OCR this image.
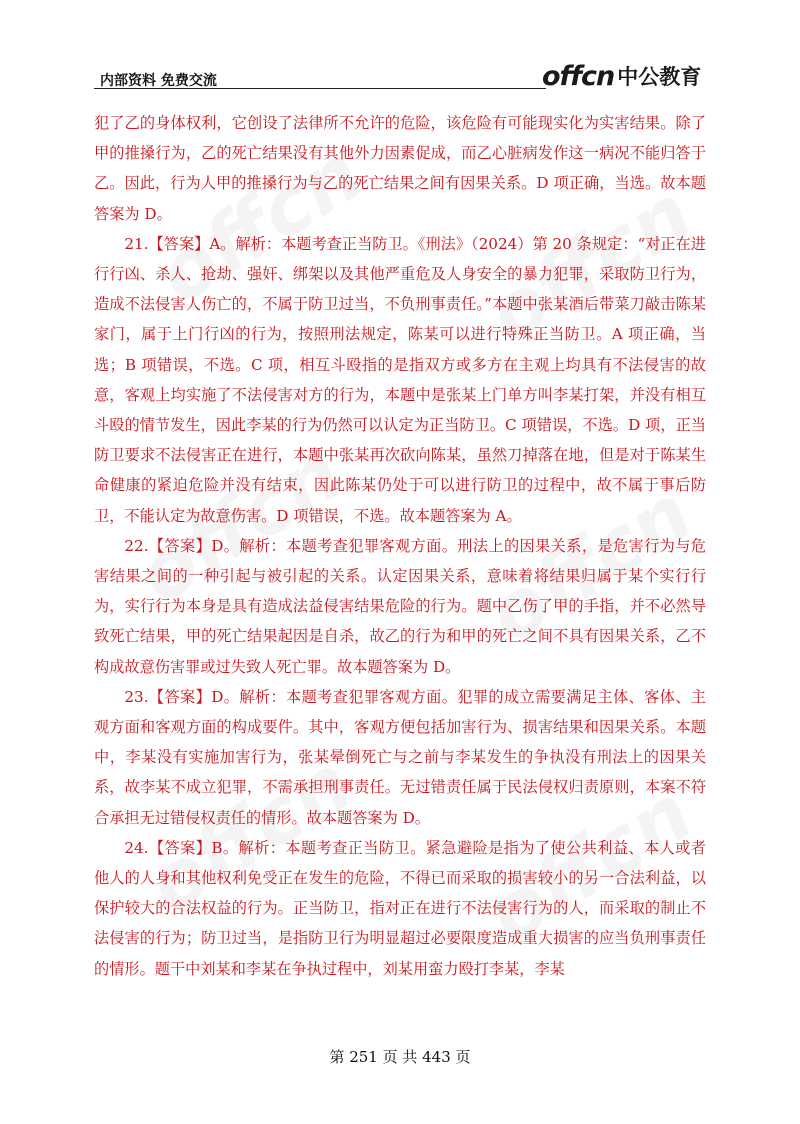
内部资料 免费交流	offcn 中公教育

犯了乙的身体权利，它创设了法律所不允许的危险，该危险有可能现实化为实害结果。除了甲的推搡行为，乙的死亡结果没有其他外力因素促成，而乙心脏病发作这一病况不能归答于乙。因此，行为人甲的推搡行为与乙的死亡结果之间有因果关系。D 项正确，当选。故本题答案为 D。

21.【答案】A。解析：本题考查正当防卫。《刑法》（2024）第 20 条规定：“对正在进行行凶、杀人、抢劫、强奸、绑架以及其他严重危及人身安全的暴力犯罪，采取防卫行为，造成不法侵害人伤亡的，不属于防卫过当，不负刑事责任。”本题中张某酒后带菜刀敲击陈某家门，属于上门行凶的行为，按照刑法规定，陈某可以进行特殊正当防卫。A 项正确，当选；B 项错误，不选。C 项，相互斗殴指的是指双方或多方在主观上均具有不法侵害的故意，客观上均实施了不法侵害对方的行为，本题中是张某上门单方叫李某打架，并没有相互斗殴的情节发生，因此李某的行为仍然可以认定为正当防卫。C 项错误，不选。D 项，正当防卫要求不法侵害正在进行，本题中张某再次砍向陈某，虽然刀掉落在地，但是对于陈某生命健康的紧迫危险并没有结束，因此陈某仍处于可以进行防卫的过程中，故不属于事后防卫，不能认定为故意伤害。D 项错误，不选。故本题答案为 A。

22.【答案】D。解析：本题考查犯罪客观方面。刑法上的因果关系，是危害行为与危害结果之间的一种引起与被引起的关系。认定因果关系，意味着将结果归属于某个实行行为，实行行为本身是具有造成法益侵害结果危险的行为。题中乙伤了甲的手指，并不必然导致死亡结果，甲的死亡结果起因是自杀，故乙的行为和甲的死亡之间不具有因果关系，乙不构成故意伤害罪或过失致人死亡罪。故本题答案为 D。

23.【答案】D。解析：本题考查犯罪客观方面。犯罪的成立需要满足主体、客体、主观方面和客观方面的构成要件。其中，客观方便包括加害行为、损害结果和因果关系。本题中，李某没有实施加害行为，张某晕倒死亡与之前与李某发生的争执没有刑法上的因果关系，故李某不成立犯罪，不需承担刑事责任。无过错责任属于民法侵权归责原则，本案不符合承担无过错侵权责任的情形。故本题答案为 D。

24.【答案】B。解析：本题考查正当防卫。紧急避险是指为了使公共利益、本人或者他人的人身和其他权利免受正在发生的危险，不得已而采取的损害较小的另一合法利益，以保护较大的合法权益的行为。正当防卫，指对正在进行不法侵害行为的人，而采取的制止不法侵害的行为；防卫过当，是指防卫行为明显超过必要限度造成重大损害的应当负刑事责任的情形。题干中刘某和李某在争执过程中，刘某用蛮力殴打李某，李某

第 251 页 共 443 页
